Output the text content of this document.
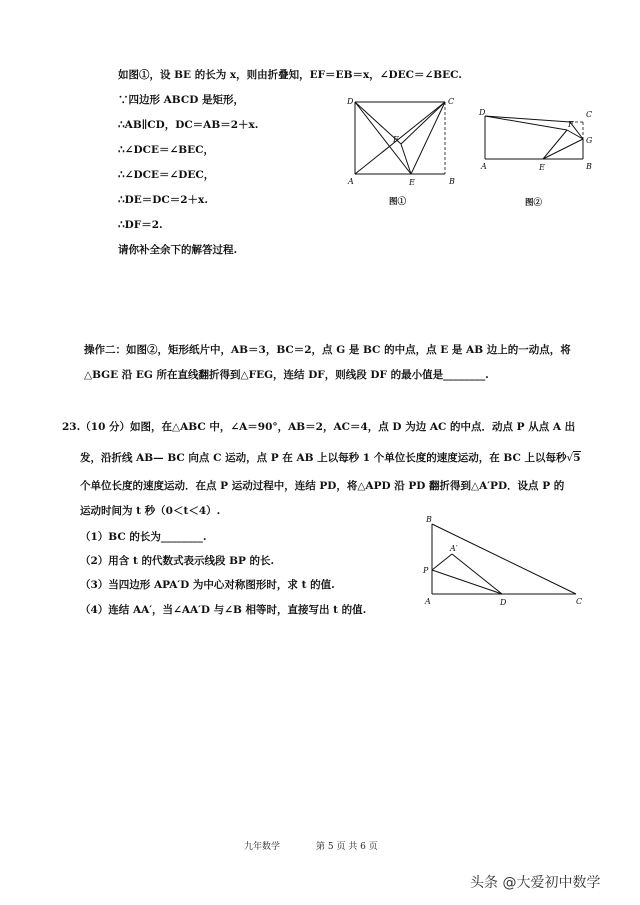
如图①，设 BE 的长为 x，则由折叠知，EF＝EB＝x，∠DEC＝∠BEC.
∵四边形 ABCD 是矩形，
∴AB∥CD，DC＝AB＝2＋x.
∴∠DCE＝∠BEC，
∴∠DCE＝∠DEC，
∴DE＝DC＝2＋x.
∴DF＝2.
请你补全余下的解答过程.
D	C
F
A	E	B
图①
D	C
F
G
A	E	B
图②
操作二：如图②，矩形纸片中，AB＝3，BC＝2，点 G 是 BC 的中点，点 E 是 AB 边上的一动点，将
△BGE 沿 EG 所在直线翻折得到△FEG，连结 DF，则线段 DF 的最小值是________.
23.（10 分）如图，在△ABC 中，∠A＝90°，AB＝2，AC＝4，点 D 为边 AC 的中点．动点 P 从点 A 出
发，沿折线 AB— BC 向点 C 运动，点 P 在 AB 上以每秒 1 个单位长度的速度运动，在 BC 上以每秒√5
个单位长度的速度运动．在点 P 运动过程中，连结 PD，将△APD 沿 PD 翻折得到△A′PD．设点 P 的
运动时间为 t 秒（0＜t＜4）.
（1）BC 的长为________.
（2）用含 t 的代数式表示线段 BP 的长.
（3）当四边形 APA′D 为中心对称图形时，求 t 的值.
（4）连结 AA′，当∠AA′D 与∠B 相等时，直接写出 t 的值.
B
A′
P
A	D	C
九年数学	第 5 页 共 6 页
头条 @大爱初中数学
